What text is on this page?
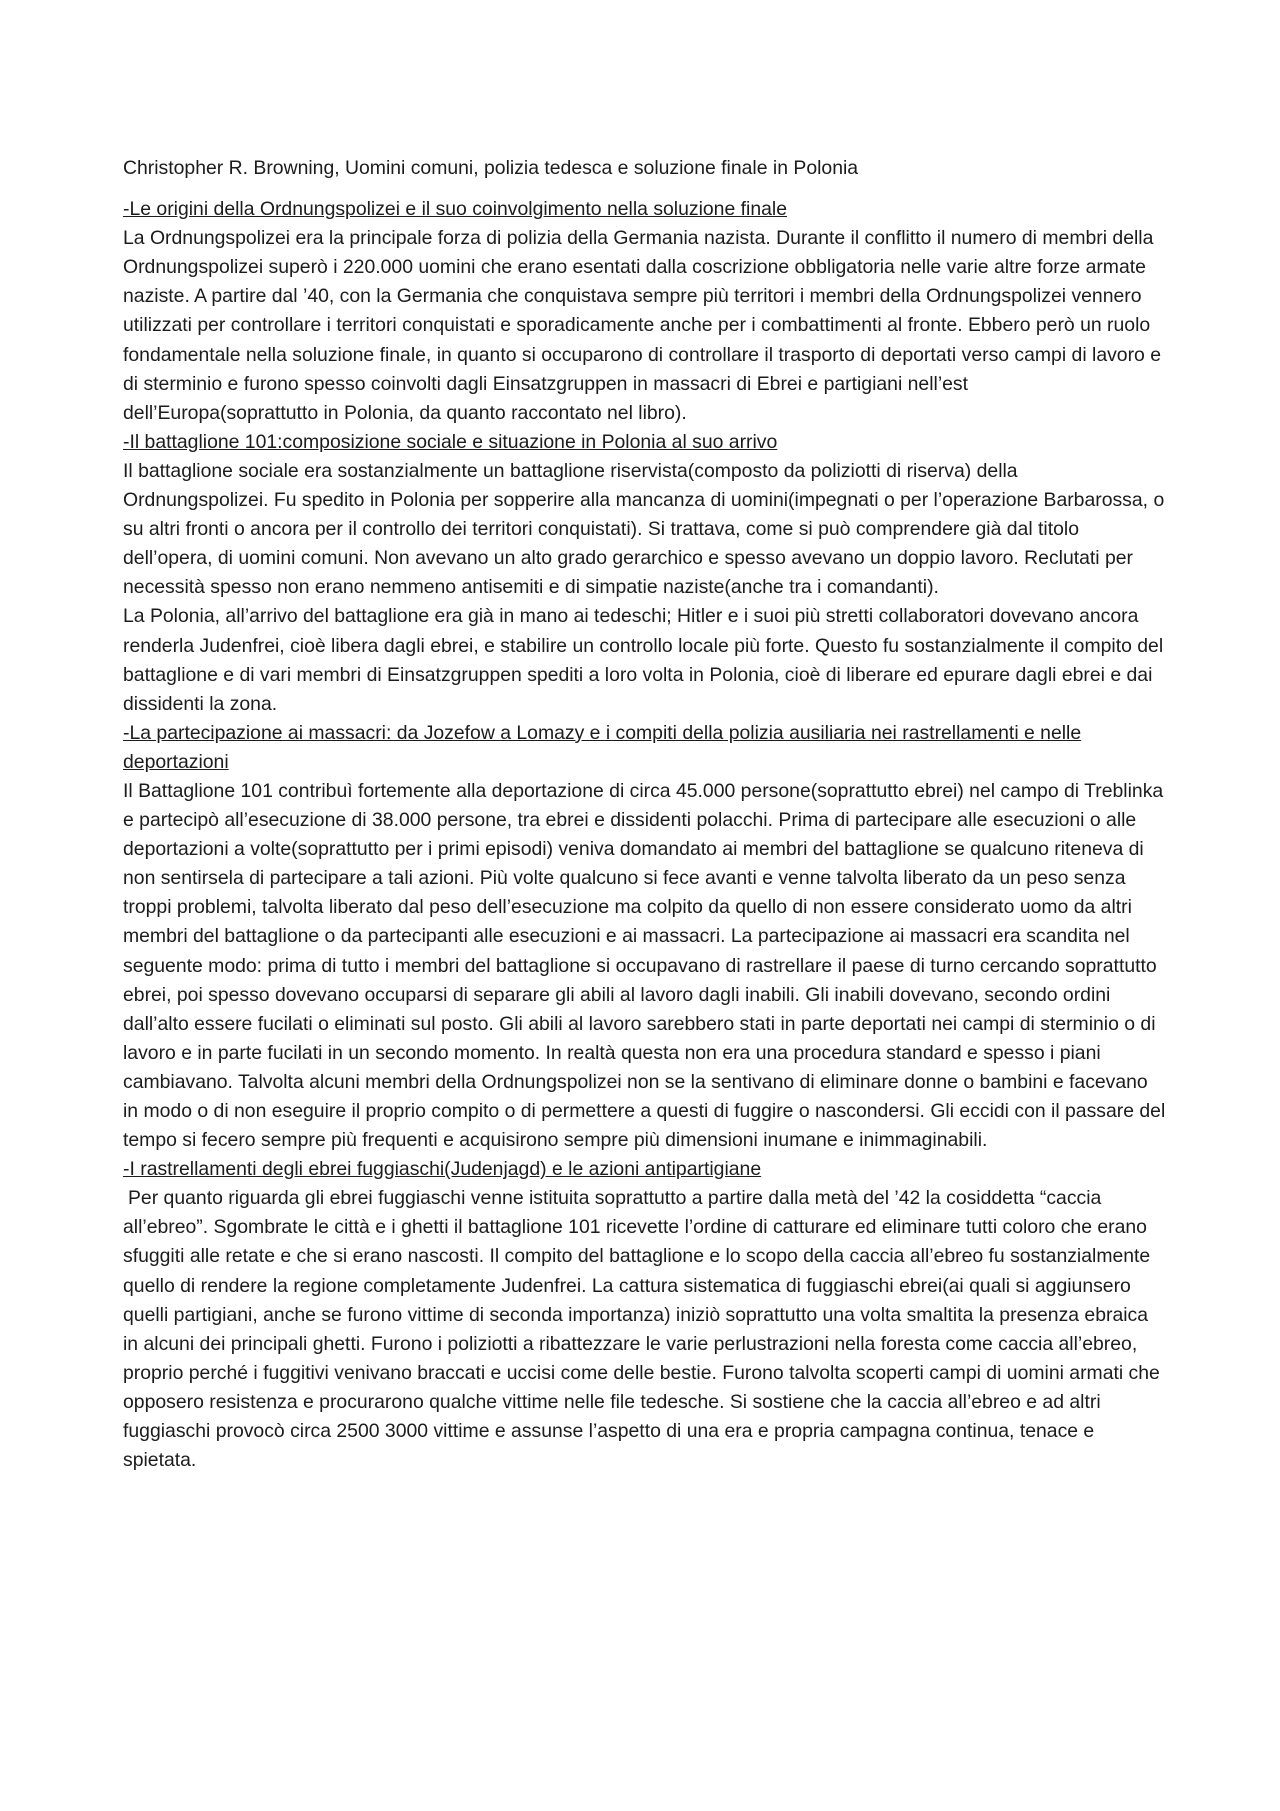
Christopher R. Browning, Uomini comuni, polizia tedesca e soluzione finale in Polonia

-Le origini della Ordnungspolizei e il suo coinvolgimento nella soluzione finale

La Ordnungspolizei era la principale forza di polizia della Germania nazista. Durante il conflitto il numero di membri della Ordnungspolizei superò i 220.000 uomini che erano esentati dalla coscrizione obbligatoria nelle varie altre forze armate naziste. A partire dal ’40, con la Germania che conquistava sempre più territori i membri della Ordnungspolizei vennero utilizzati per controllare i territori conquistati e sporadicamente anche per i combattimenti al fronte. Ebbero però un ruolo fondamentale nella soluzione finale, in quanto si occuparono di controllare il trasporto di deportati verso campi di lavoro e di sterminio e furono spesso coinvolti dagli Einsatzgruppen in massacri di Ebrei e partigiani nell’est dell’Europa(soprattutto in Polonia, da quanto raccontato nel libro).

-Il battaglione 101:composizione sociale e situazione in Polonia al suo arrivo

Il battaglione sociale era sostanzialmente un battaglione riservista(composto da poliziotti di riserva) della Ordnungspolizei. Fu spedito in Polonia per sopperire alla mancanza di uomini(impegnati o per l’operazione Barbarossa, o su altri fronti o ancora per il controllo dei territori conquistati). Si trattava, come si può comprendere già dal titolo dell’opera, di uomini comuni. Non avevano un alto grado gerarchico e spesso avevano un doppio lavoro. Reclutati per necessità spesso non erano nemmeno antisemiti e di simpatie naziste(anche tra i comandanti).

La Polonia, all’arrivo del battaglione era già in mano ai tedeschi; Hitler e i suoi più stretti collaboratori dovevano ancora renderla Judenfrei, cioè libera dagli ebrei, e stabilire un controllo locale più forte. Questo fu sostanzialmente il compito del battaglione e di vari membri di Einsatzgruppen spediti a loro volta in Polonia, cioè di liberare ed epurare dagli ebrei e dai dissidenti la zona.

-La partecipazione ai massacri: da Jozefow a Lomazy e i compiti della polizia ausiliaria nei rastrellamenti e nelle deportazioni

Il Battaglione 101 contribuì fortemente alla deportazione di circa 45.000 persone(soprattutto ebrei) nel campo di Treblinka e partecipò all’esecuzione di 38.000 persone, tra ebrei e dissidenti polacchi. Prima di partecipare alle esecuzioni o alle deportazioni a volte(soprattutto per i primi episodi) veniva domandato ai membri del battaglione se qualcuno riteneva di non sentirsela di partecipare a tali azioni. Più volte qualcuno si fece avanti e venne talvolta liberato da un peso senza troppi problemi, talvolta liberato dal peso dell’esecuzione ma colpito da quello di non essere considerato uomo da altri membri del battaglione o da partecipanti alle esecuzioni e ai massacri. La partecipazione ai massacri era scandita nel seguente modo: prima di tutto i membri del battaglione si occupavano di rastrellare il paese di turno cercando soprattutto ebrei, poi spesso dovevano occuparsi di separare gli abili al lavoro dagli inabili. Gli inabili dovevano, secondo ordini dall’alto essere fucilati o eliminati sul posto. Gli abili al lavoro sarebbero stati in parte deportati nei campi di sterminio o di lavoro e in parte fucilati in un secondo momento. In realtà questa non era una procedura standard e spesso i piani cambiavano. Talvolta alcuni membri della Ordnungspolizei non se la sentivano di eliminare donne o bambini e facevano in modo o di non eseguire il proprio compito o di permettere a questi di fuggire o nascondersi. Gli eccidi con il passare del tempo si fecero sempre più frequenti e acquisirono sempre più dimensioni inumane e inimmaginabili.

-I rastrellamenti degli ebrei fuggiaschi(Judenjagd) e le azioni antipartigiane

Per quanto riguarda gli ebrei fuggiaschi venne istituita soprattutto a partire dalla metà del ’42 la cosiddetta “caccia all’ebreo”. Sgombrate le città e i ghetti il battaglione 101 ricevette l’ordine di catturare ed eliminare tutti coloro che erano sfuggiti alle retate e che si erano nascosti. Il compito del battaglione e lo scopo della caccia all’ebreo fu sostanzialmente quello di rendere la regione completamente Judenfrei. La cattura sistematica di fuggiaschi ebrei(ai quali si aggiunsero quelli partigiani, anche se furono vittime di seconda importanza) iniziò soprattutto una volta smaltita la presenza ebraica in alcuni dei principali ghetti. Furono i poliziotti a ribattezzare le varie perlustrazioni nella foresta come caccia all’ebreo, proprio perché i fuggitivi venivano braccati e uccisi come delle bestie. Furono talvolta scoperti campi di uomini armati che opposero resistenza e procurarono qualche vittime nelle file tedesche. Si sostiene che la caccia all’ebreo e ad altri fuggiaschi provocò circa 2500 3000 vittime e assunse l’aspetto di una era e propria campagna continua, tenace e spietata.
